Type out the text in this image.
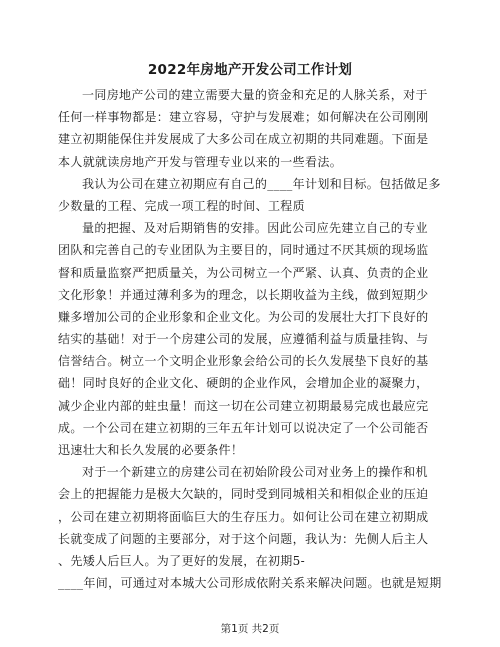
2022年房地产开发公司工作计划
一同房地产公司的建立需要大量的资金和充足的人脉关系，对于
任何一样事物都是：建立容易，守护与发展难；如何解决在公司刚刚
建立初期能保住并发展成了大多公司在成立初期的共同难题。下面是
本人就就读房地产开发与管理专业以来的一些看法。
我认为公司在建立初期应有自己的____年计划和目标。包括做足多
少数量的工程、完成一项工程的时间、工程质
量的把握、及对后期销售的安排。因此公司应先建立自己的专业
团队和完善自己的专业团队为主要目的，同时通过不厌其烦的现场监
督和质量监察严把质量关，为公司树立一个严紧、认真、负责的企业
文化形象！并通过薄利多为的理念，以长期收益为主线，做到短期少
赚多增加公司的企业形象和企业文化。为公司的发展壮大打下良好的
结实的基础！对于一个房建公司的发展，应遵循利益与质量挂钩、与
信誉结合。树立一个文明企业形象会给公司的长久发展垫下良好的基
础！同时良好的企业文化、硬朗的企业作风，会增加企业的凝聚力，
减少企业内部的蛀虫量！而这一切在公司建立初期最易完成也最应完
成。一个公司在建立初期的三年五年计划可以说决定了一个公司能否
迅速壮大和长久发展的必要条件！
对于一个新建立的房建公司在初始阶段公司对业务上的操作和机
会上的把握能力是极大欠缺的，同时受到同城相关和相似企业的压迫
，公司在建立初期将面临巨大的生存压力。如何让公司在建立初期成
长就变成了问题的主要部分，对于这个问题，我认为：先侧人后主人
、先矮人后巨人。为了更好的发展，在初期5-
____年间，可通过对本城大公司形成依附关系来解决问题。也就是短期
第1页 共2页
